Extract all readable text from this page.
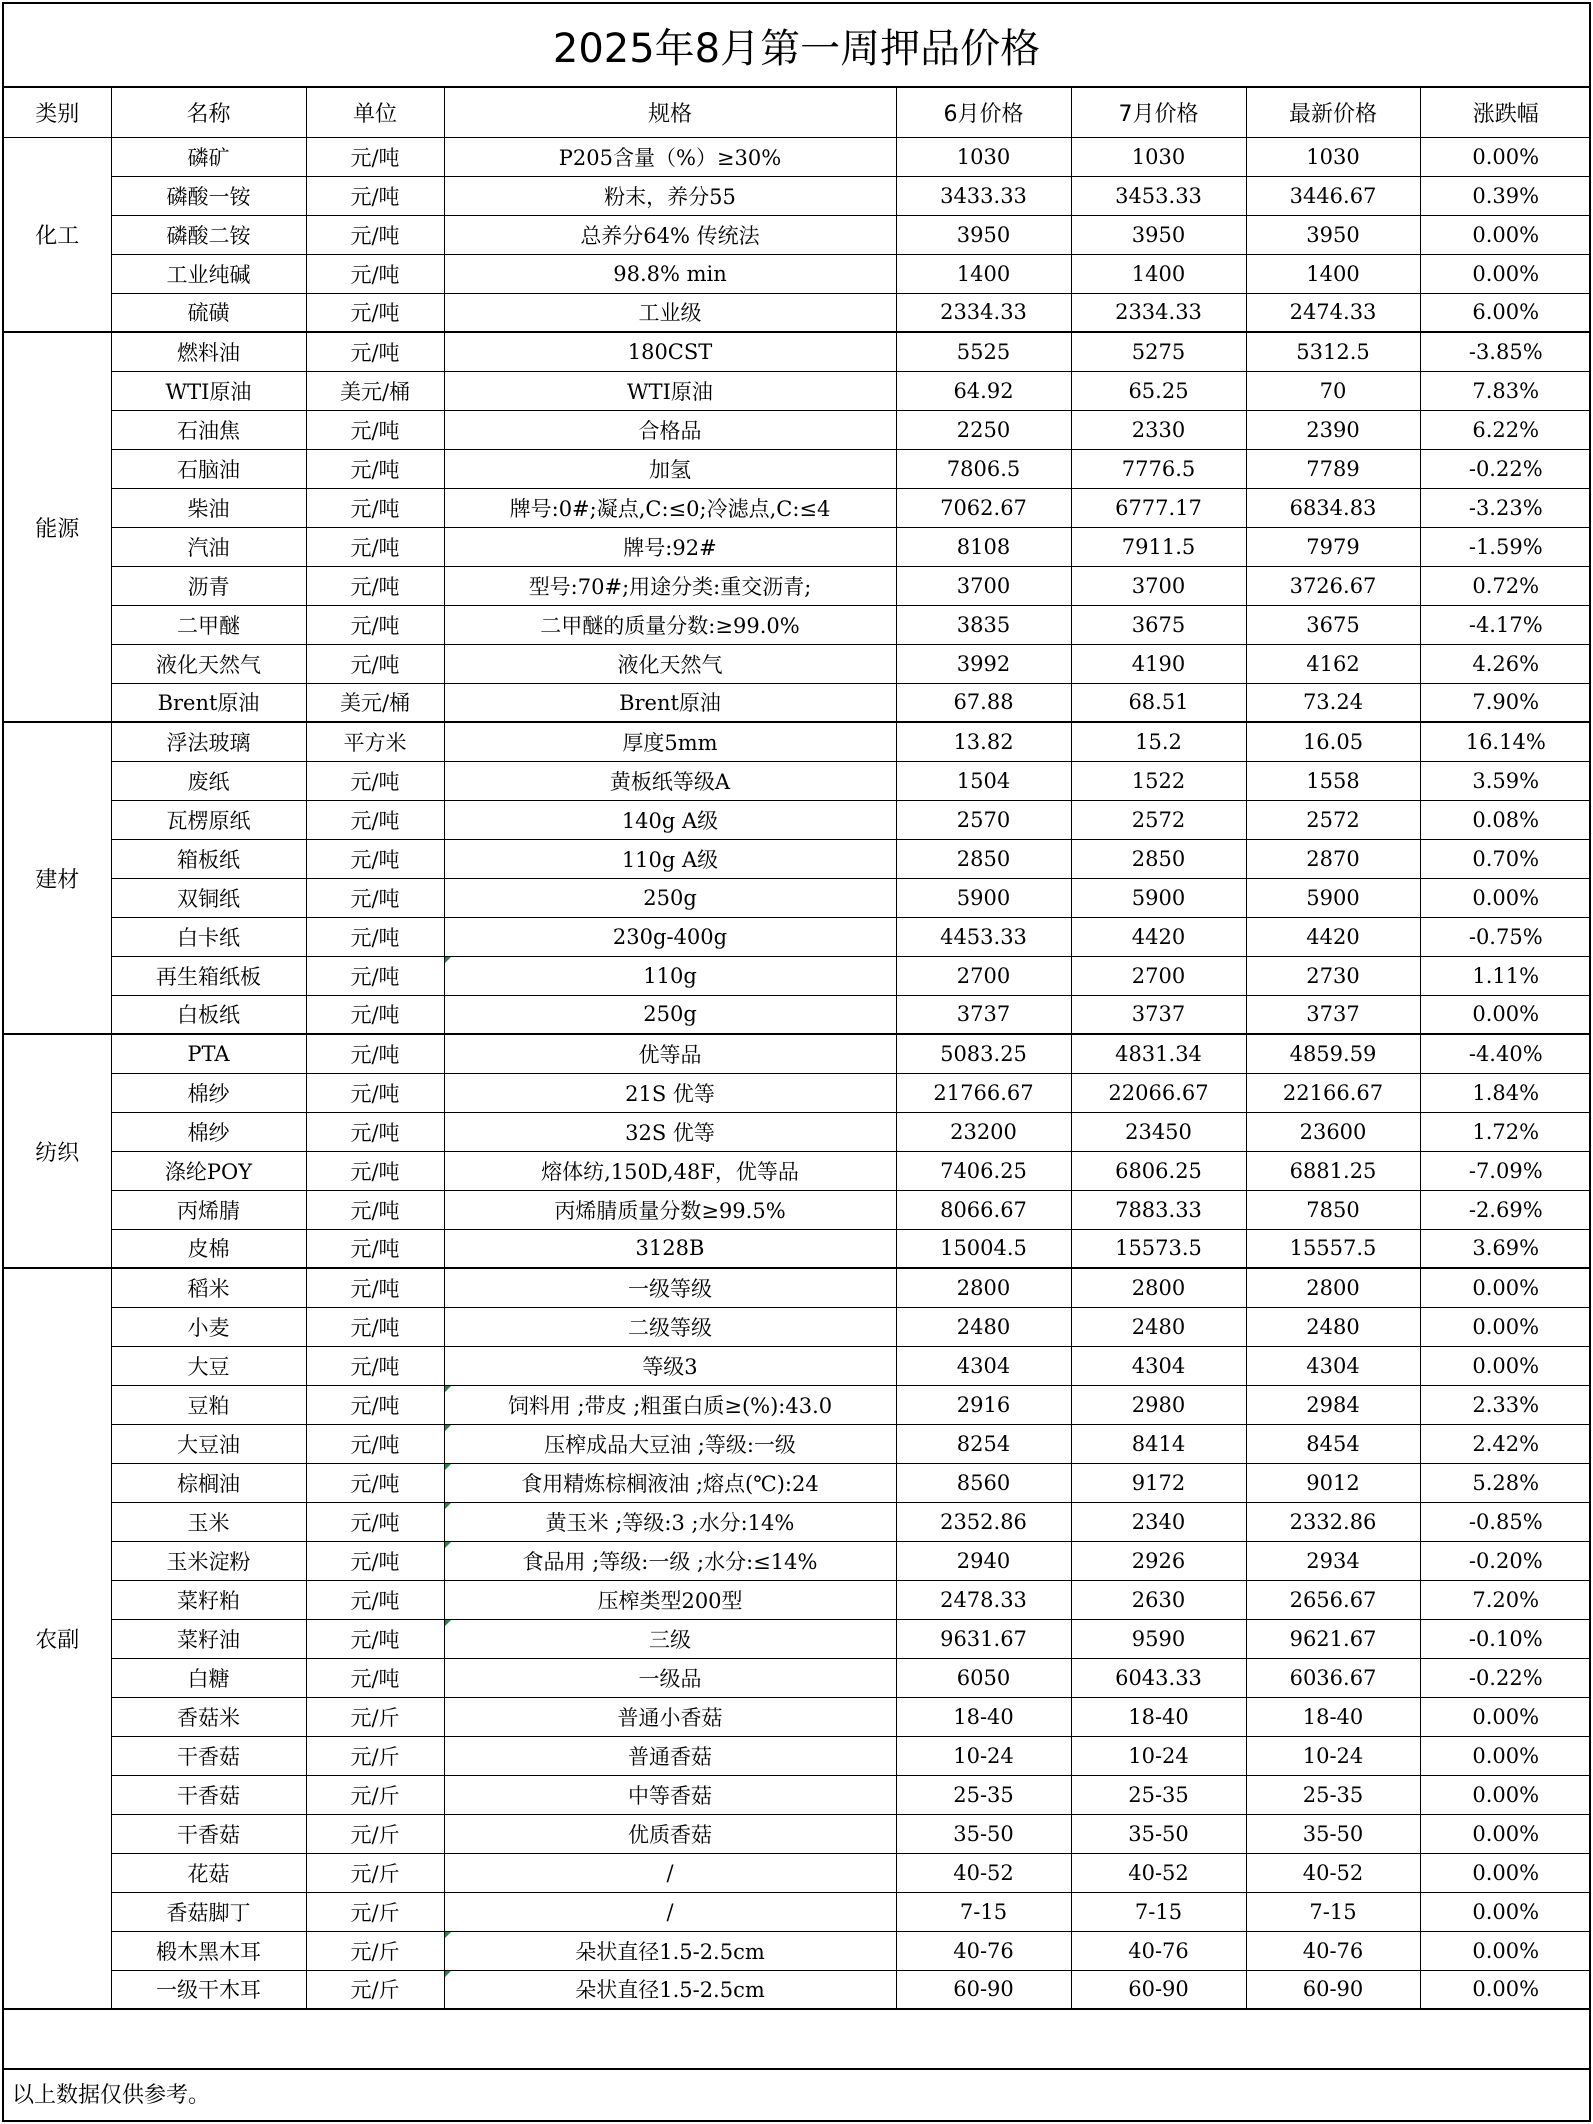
2025年8月第一周押品价格
类别	名称	单位	规格	6月价格	7月价格	最新价格	涨跌幅
化工	磷矿	元/吨	P205含量（%）≥30%	1030	1030	1030	0.00%
	磷酸一铵	元/吨	粉末，养分55	3433.33	3453.33	3446.67	0.39%
	磷酸二铵	元/吨	总养分64% 传统法	3950	3950	3950	0.00%
	工业纯碱	元/吨	98.8% min	1400	1400	1400	0.00%
	硫磺	元/吨	工业级	2334.33	2334.33	2474.33	6.00%
能源	燃料油	元/吨	180CST	5525	5275	5312.5	-3.85%
	WTI原油	美元/桶	WTI原油	64.92	65.25	70	7.83%
	石油焦	元/吨	合格品	2250	2330	2390	6.22%
	石脑油	元/吨	加氢	7806.5	7776.5	7789	-0.22%
	柴油	元/吨	牌号:0#;凝点,C:≤0;冷滤点,C:≤4	7062.67	6777.17	6834.83	-3.23%
	汽油	元/吨	牌号:92#	8108	7911.5	7979	-1.59%
	沥青	元/吨	型号:70#;用途分类:重交沥青;	3700	3700	3726.67	0.72%
	二甲醚	元/吨	二甲醚的质量分数:≥99.0%	3835	3675	3675	-4.17%
	液化天然气	元/吨	液化天然气	3992	4190	4162	4.26%
	Brent原油	美元/桶	Brent原油	67.88	68.51	73.24	7.90%
建材	浮法玻璃	平方米	厚度5mm	13.82	15.2	16.05	16.14%
	废纸	元/吨	黄板纸等级A	1504	1522	1558	3.59%
	瓦楞原纸	元/吨	140g A级	2570	2572	2572	0.08%
	箱板纸	元/吨	110g A级	2850	2850	2870	0.70%
	双铜纸	元/吨	250g	5900	5900	5900	0.00%
	白卡纸	元/吨	230g-400g	4453.33	4420	4420	-0.75%
	再生箱纸板	元/吨	110g	2700	2700	2730	1.11%
	白板纸	元/吨	250g	3737	3737	3737	0.00%
纺织	PTA	元/吨	优等品	5083.25	4831.34	4859.59	-4.40%
	棉纱	元/吨	21S 优等	21766.67	22066.67	22166.67	1.84%
	棉纱	元/吨	32S 优等	23200	23450	23600	1.72%
	涤纶POY	元/吨	熔体纺,150D,48F，优等品	7406.25	6806.25	6881.25	-7.09%
	丙烯腈	元/吨	丙烯腈质量分数≥99.5%	8066.67	7883.33	7850	-2.69%
	皮棉	元/吨	3128B	15004.5	15573.5	15557.5	3.69%
农副	稻米	元/吨	一级等级	2800	2800	2800	0.00%
	小麦	元/吨	二级等级	2480	2480	2480	0.00%
	大豆	元/吨	等级3	4304	4304	4304	0.00%
	豆粕	元/吨	饲料用 ;带皮 ;粗蛋白质≥(%):43.0	2916	2980	2984	2.33%
	大豆油	元/吨	压榨成品大豆油 ;等级:一级	8254	8414	8454	2.42%
	棕榈油	元/吨	食用精炼棕榈液油 ;熔点(℃):24	8560	9172	9012	5.28%
	玉米	元/吨	黄玉米 ;等级:3 ;水分:14%	2352.86	2340	2332.86	-0.85%
	玉米淀粉	元/吨	食品用 ;等级:一级 ;水分:≤14%	2940	2926	2934	-0.20%
	菜籽粕	元/吨	压榨类型200型	2478.33	2630	2656.67	7.20%
	菜籽油	元/吨	三级	9631.67	9590	9621.67	-0.10%
	白糖	元/吨	一级品	6050	6043.33	6036.67	-0.22%
	香菇米	元/斤	普通小香菇	18-40	18-40	18-40	0.00%
	干香菇	元/斤	普通香菇	10-24	10-24	10-24	0.00%
	干香菇	元/斤	中等香菇	25-35	25-35	25-35	0.00%
	干香菇	元/斤	优质香菇	35-50	35-50	35-50	0.00%
	花菇	元/斤	/	40-52	40-52	40-52	0.00%
	香菇脚丁	元/斤	/	7-15	7-15	7-15	0.00%
	椴木黑木耳	元/斤	朵状直径1.5-2.5cm	40-76	40-76	40-76	0.00%
	一级干木耳	元/斤	朵状直径1.5-2.5cm	60-90	60-90	60-90	0.00%
以上数据仅供参考。
